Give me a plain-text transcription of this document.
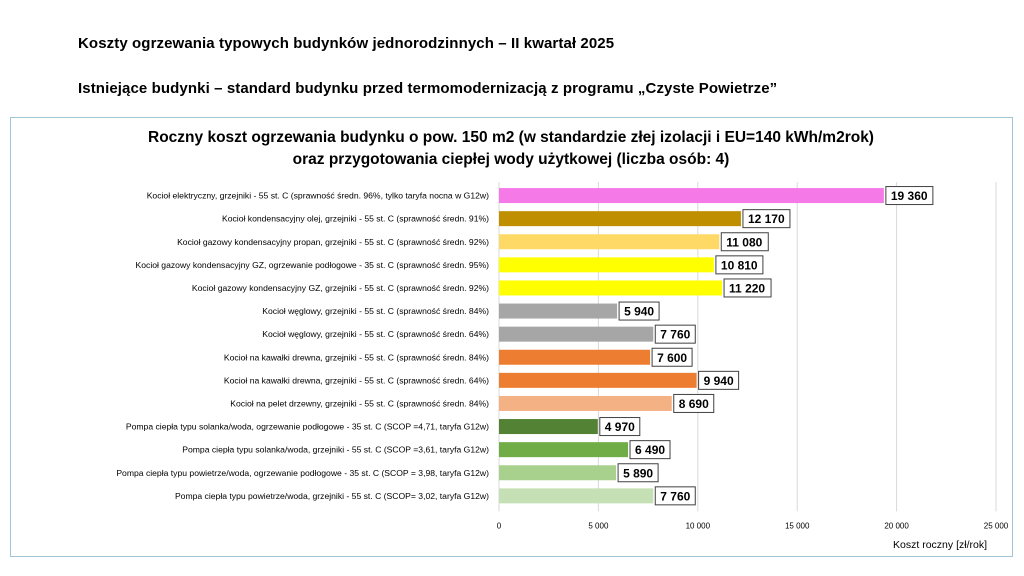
Koszty ogrzewania typowych budynków jednorodzinnych – II kwartał 2025
Istniejące budynki – standard budynku przed termomodernizacją z programu „Czyste Powietrze”
Roczny koszt ogrzewania budynku o pow. 150 m2 (w standardzie złej izolacji i EU=140 kWh/m2rok)
oraz przygotowania ciepłej wody użytkowej (liczba osób: 4)
Kocioł elektryczny, grzejniki - 55 st. C (sprawność średn. 96%, tylko taryfa nocna w G12w)	19 360
Kocioł kondensacyjny olej, grzejniki - 55 st. C (sprawność średn. 91%)	12 170
Kocioł gazowy kondensacyjny propan, grzejniki - 55 st. C (sprawność średn. 92%)	11 080
Kocioł gazowy kondensacyjny GZ, ogrzewanie podłogowe - 35 st. C (sprawność średn. 95%)	10 810
Kocioł gazowy kondensacyjny GZ, grzejniki - 55 st. C (sprawność średn. 92%)	11 220
Kocioł węglowy, grzejniki - 55 st. C (sprawność średn. 84%)	5 940
Kocioł węglowy, grzejniki - 55 st. C (sprawność średn. 64%)	7 760
Kocioł na kawałki drewna, grzejniki - 55 st. C (sprawność średn. 84%)	7 600
Kocioł na kawałki drewna, grzejniki - 55 st. C (sprawność średn. 64%)	9 940
Kocioł na pelet drzewny, grzejniki - 55 st. C (sprawność średn. 84%)	8 690
Pompa ciepła typu solanka/woda, ogrzewanie podłogowe - 35 st. C (SCOP =4,71, taryfa G12w)	4 970
Pompa ciepła typu solanka/woda, grzejniki - 55 st. C (SCOP =3,61, taryfa G12w)	6 490
Pompa ciepła typu powietrze/woda, ogrzewanie podłogowe - 35 st. C (SCOP = 3,98, taryfa G12w)	5 890
Pompa ciepła typu powietrze/woda, grzejniki - 55 st. C (SCOP= 3,02, taryfa G12w)	7 760
0	5 000	10 000	15 000	20 000	25 000
Koszt roczny [zł/rok]
